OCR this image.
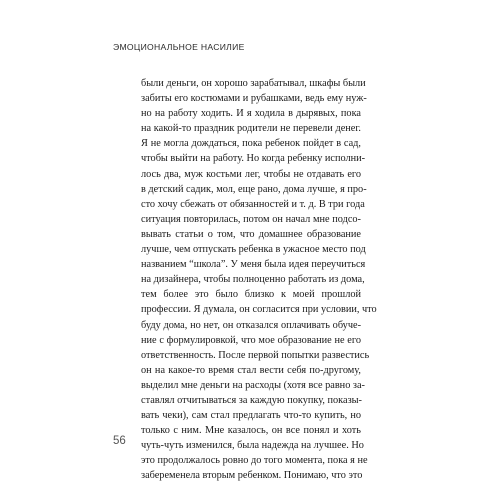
ЭМОЦИОНАЛЬНОЕ НАСИЛИЕ
были деньги, он хорошо зарабатывал, шкафы были
забиты его костюмами и рубашками, ведь ему нуж-
но на работу ходить. И я ходила в дырявых, пока
на какой-то праздник родители не перевели денег.
Я не могла дождаться, пока ребенок пойдет в сад,
чтобы выйти на работу. Но когда ребенку исполни-
лось два, муж костьми лег, чтобы не отдавать его
в детский садик, мол, еще рано, дома лучше, я про-
сто хочу сбежать от обязанностей и т. д. В три года
ситуация повторилась, потом он начал мне подсо-
вывать статьи о том, что домашнее образование
лучше, чем отпускать ребенка в ужасное место под
названием “школа”. У меня была идея переучиться
на дизайнера, чтобы полноценно работать из дома,
тем более это было близко к моей прошлой
профессии. Я думала, он согласится при условии, что
буду дома, но нет, он отказался оплачивать обуче-
ние с формулировкой, что мое образование не его
ответственность. После первой попытки развестись
он на какое-то время стал вести себя по-другому,
выделил мне деньги на расходы (хотя все равно за-
ставлял отчитываться за каждую покупку, показы-
вать чеки), сам стал предлагать что-то купить, но
только с ним. Мне казалось, он все понял и хоть
чуть-чуть изменился, была надежда на лучшее. Но
это продолжалось ровно до того момента, пока я не
забеременела вторым ребенком. Понимаю, что это
56
